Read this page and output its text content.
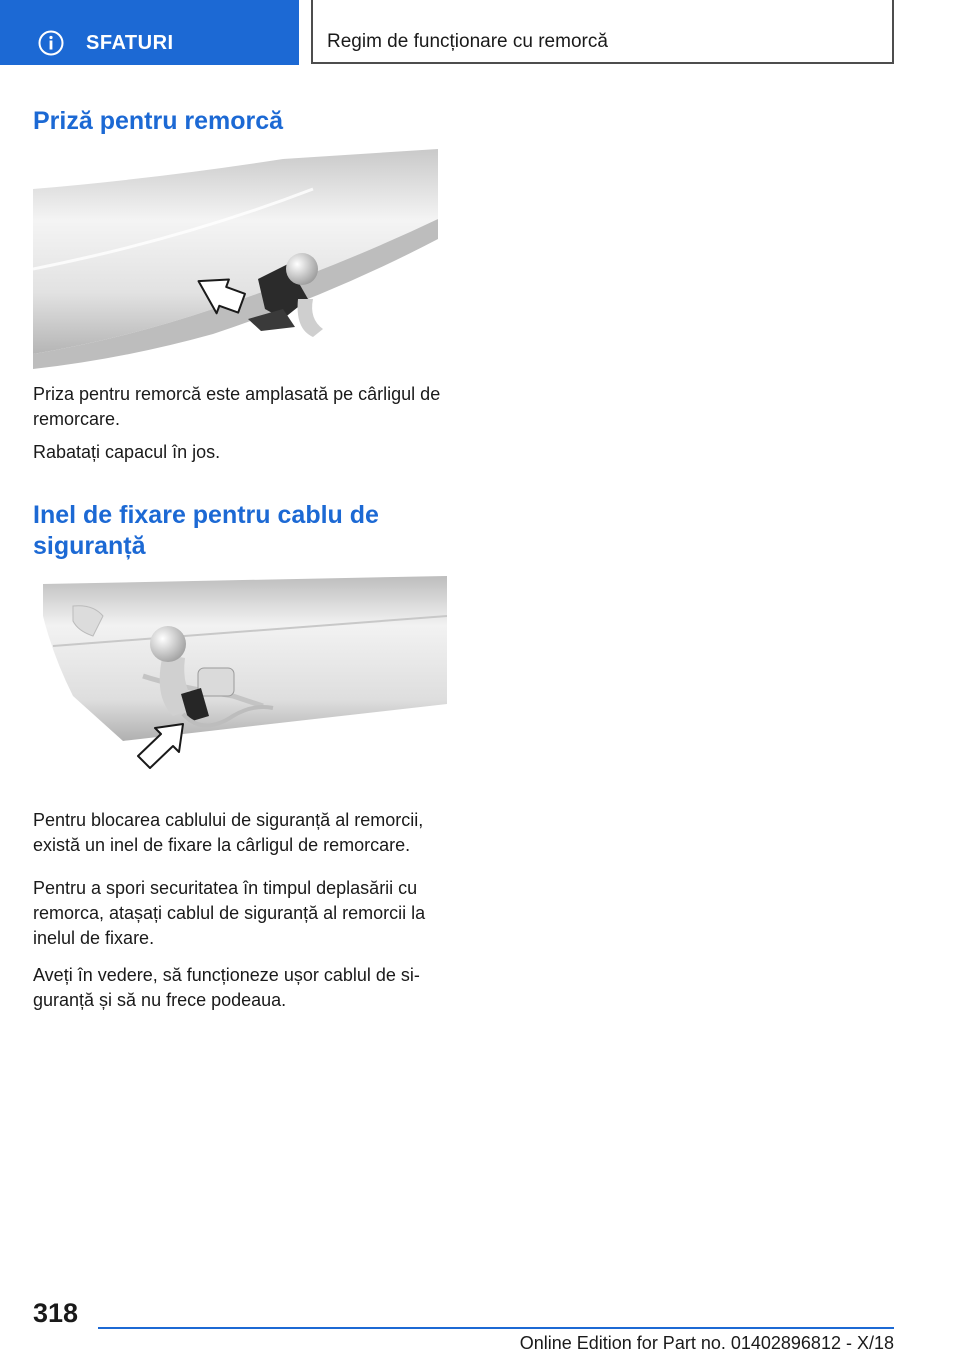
SFATURI	Regim de funcționare cu remorcă
Priză pentru remorcă

Priza pentru remorcă este amplasată pe cârligul de remorcare.

Rabatați capacul în jos.

Inel de fixare pentru cablu de siguranță

Pentru blocarea cablului de siguranță al remorcii, există un inel de fixare la cârligul de remorcare.

Pentru a spori securitatea în timpul deplasării cu remorca, atașați cablul de siguranță al remorcii la inelul de fixare.

Aveți în vedere, să funcționeze ușor cablul de si-guranță și să nu frece podeaua.

318
Online Edition for Part no. 01402896812 - X/18
